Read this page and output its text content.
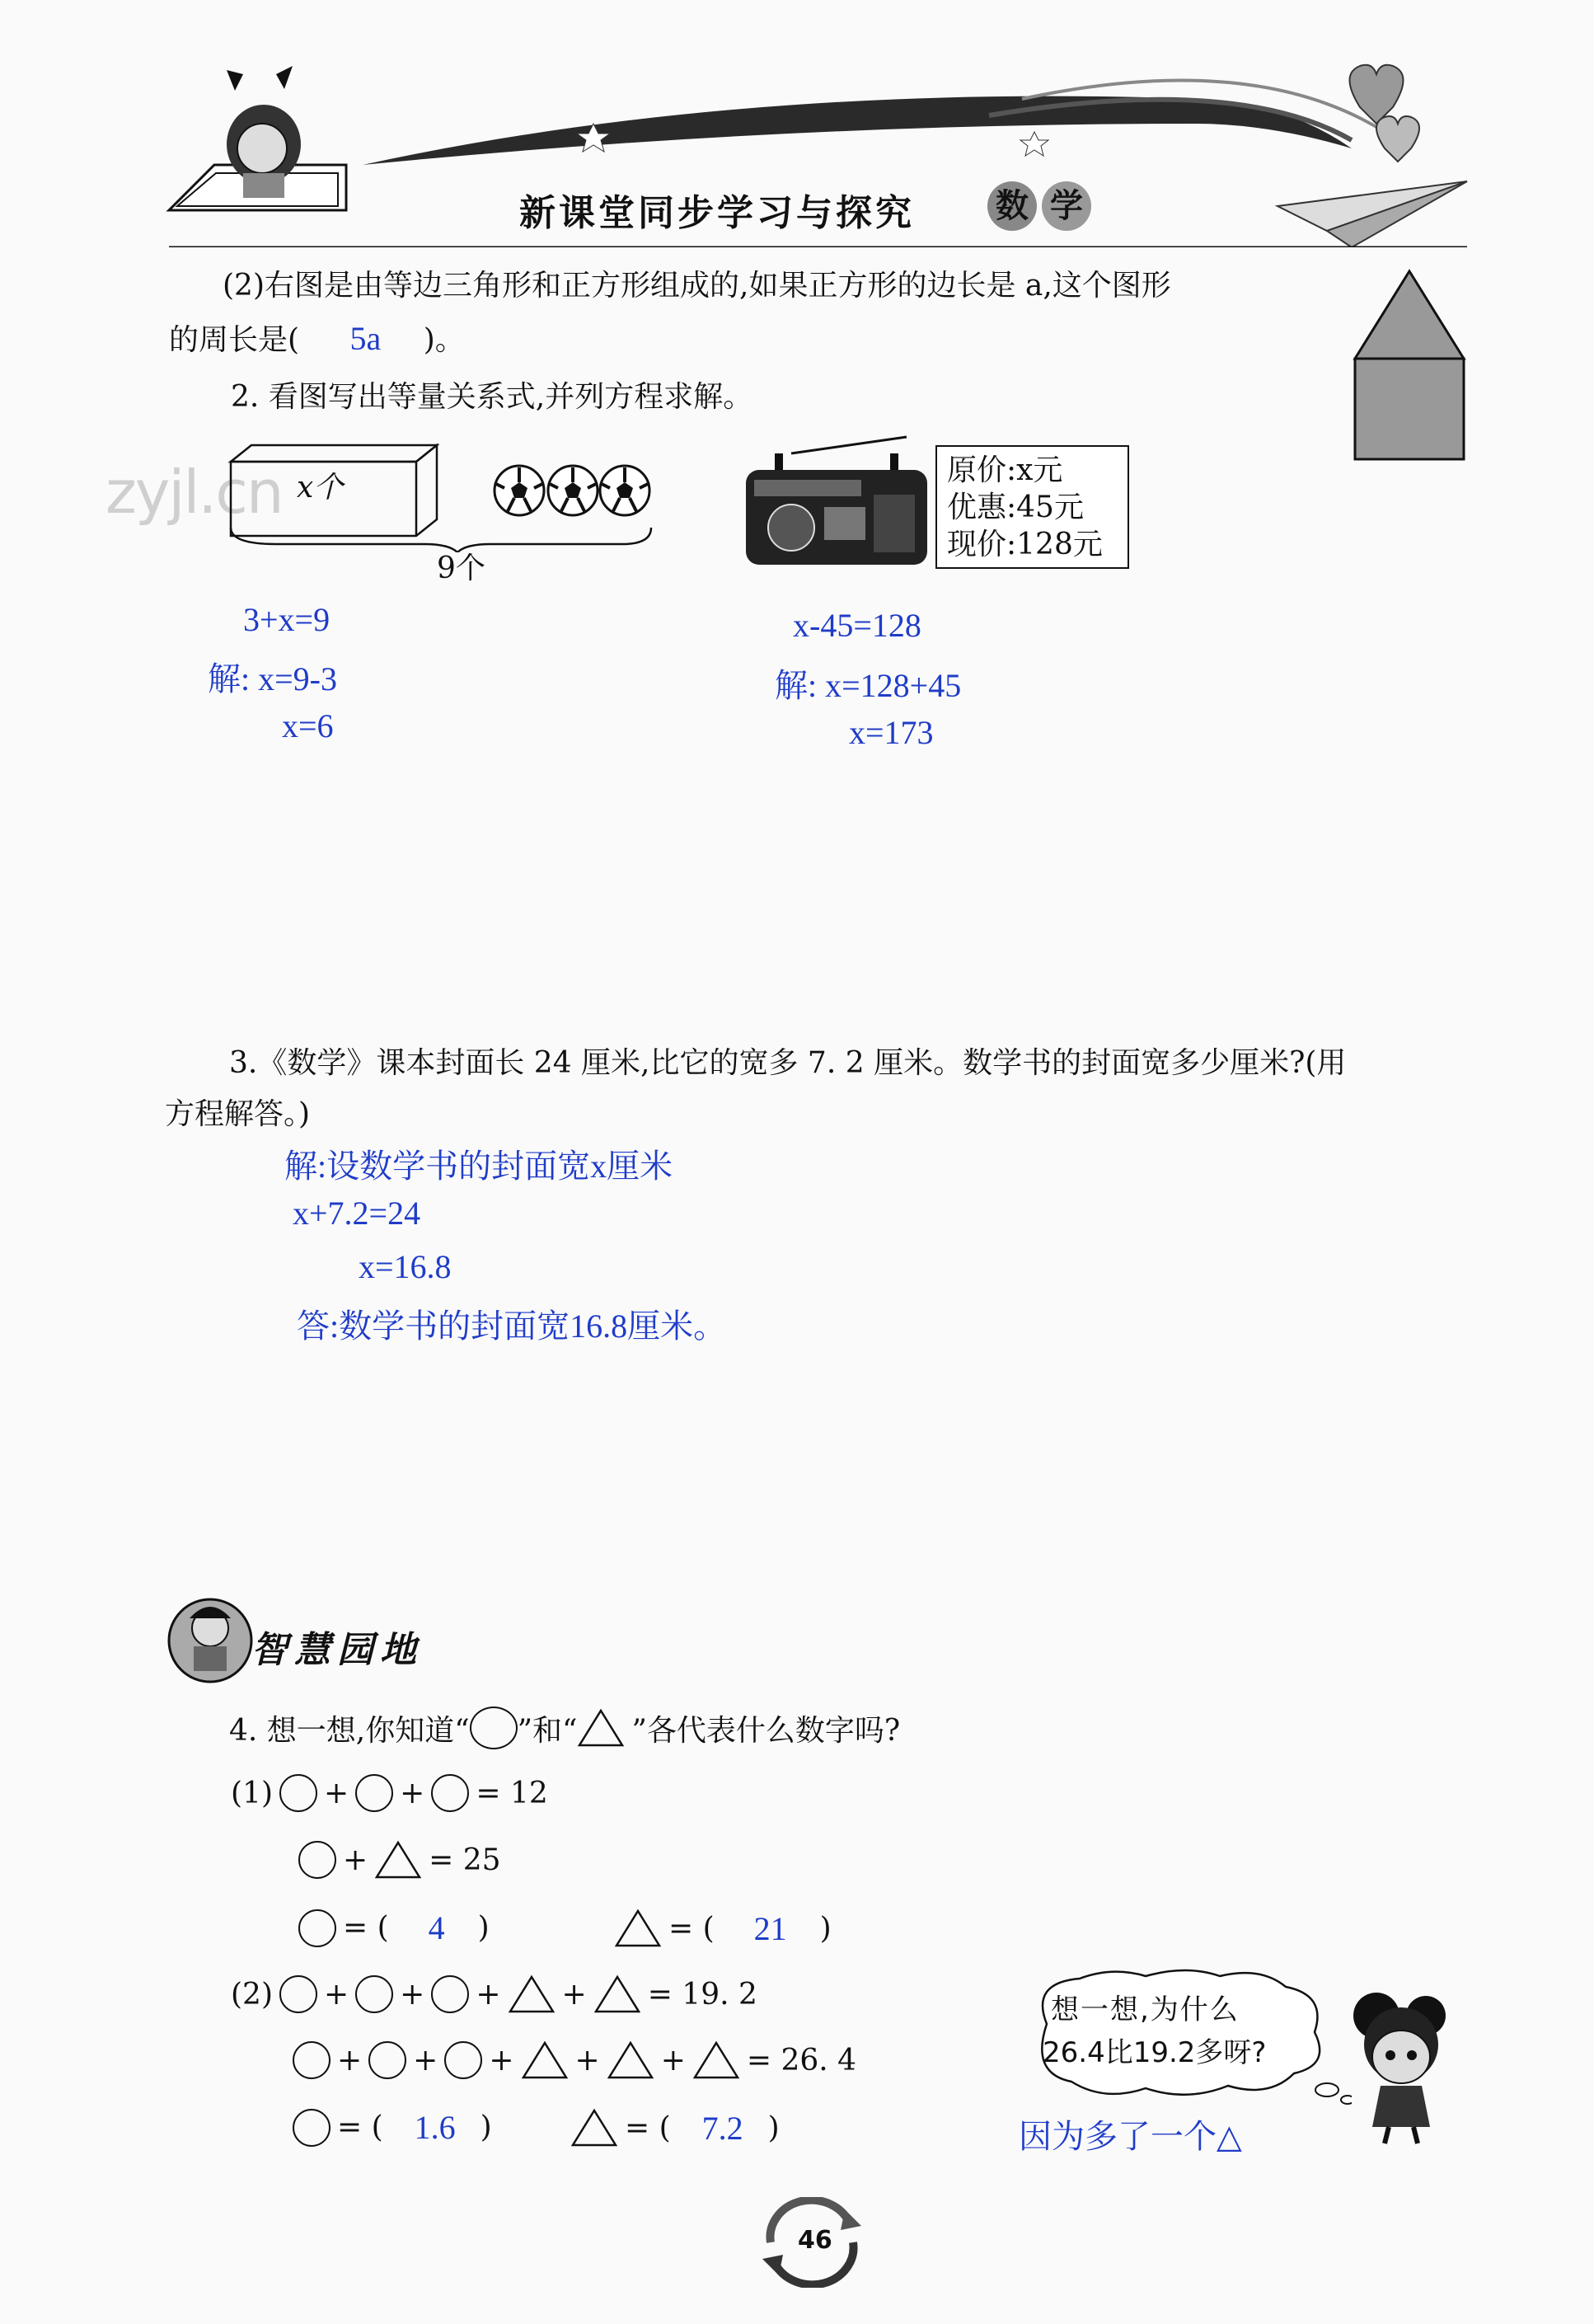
新课堂同步学习与探究 数 学
(2)右图是由等边三角形和正方形组成的,如果正方形的边长是 a,这个图形
的周长是( 5a )。
2. 看图写出等量关系式,并列方程求解。
zyjl.cn x个
9个
原价:x元
优惠:45元
现价:128元
3+x=9
解: x=9-3
x=6
x-45=128
解: x=128+45
x=173
3.《数学》课本封面长 24 厘米,比它的宽多 7. 2 厘米。数学书的封面宽多少厘米?(用
方程解答。)
解:设数学书的封面宽x厘米
x+7.2=24
x=16.8
答:数学书的封面宽16.8厘米。
智慧园地
4. 想一想,你知道“ ”和“ ”各代表什么数字吗?
(1) + + = 12
+ = 25
= ( 4 )	= ( 21 )
(2) + + + + = 19. 2
+ + + + + = 26. 4
= ( 1.6 )	= ( 7.2 )
想一想,为什么
26.4比19.2多呀?
因为多了一个△
46
